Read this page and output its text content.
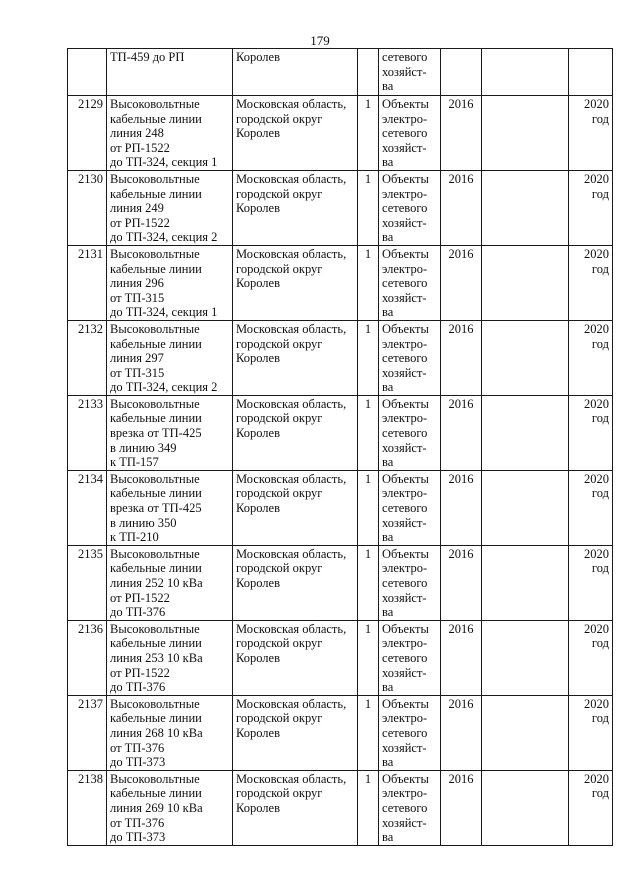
179

	ТП-459 до РП	Королев		сетевого
хозяйст-
ва			

2129	Высоковольтные
кабельные линии
линия 248
от РП-1522
до ТП-324, секция 1	Московская область,
городской округ
Королев	1	Объекты
электро-
сетевого
хозяйст-
ва	2016		2020
год

2130	Высоковольтные
кабельные линии
линия 249
от РП-1522
до ТП-324, секция 2	Московская область,
городской округ
Королев	1	Объекты
электро-
сетевого
хозяйст-
ва	2016		2020
год

2131	Высоковольтные
кабельные линии
линия 296
от ТП-315
до ТП-324, секция 1	Московская область,
городской округ
Королев	1	Объекты
электро-
сетевого
хозяйст-
ва	2016		2020
год

2132	Высоковольтные
кабельные линии
линия 297
от ТП-315
до ТП-324, секция 2	Московская область,
городской округ
Королев	1	Объекты
электро-
сетевого
хозяйст-
ва	2016		2020
год

2133	Высоковольтные
кабельные линии
врезка от ТП-425
в линию 349
к ТП-157	Московская область,
городской округ
Королев	1	Объекты
электро-
сетевого
хозяйст-
ва	2016		2020
год

2134	Высоковольтные
кабельные линии
врезка от ТП-425
в линию 350
к ТП-210	Московская область,
городской округ
Королев	1	Объекты
электро-
сетевого
хозяйст-
ва	2016		2020
год

2135	Высоковольтные
кабельные линии
линия 252 10 кВа
от РП-1522
до ТП-376	Московская область,
городской округ
Королев	1	Объекты
электро-
сетевого
хозяйст-
ва	2016		2020
год

2136	Высоковольтные
кабельные линии
линия 253 10 кВа
от РП-1522
до ТП-376	Московская область,
городской округ
Королев	1	Объекты
электро-
сетевого
хозяйст-
ва	2016		2020
год

2137	Высоковольтные
кабельные линии
линия 268 10 кВа
от ТП-376
до ТП-373	Московская область,
городской округ
Королев	1	Объекты
электро-
сетевого
хозяйст-
ва	2016		2020
год

2138	Высоковольтные
кабельные линии
линия 269 10 кВа
от ТП-376
до ТП-373	Московская область,
городской округ
Королев	1	Объекты
электро-
сетевого
хозяйст-
ва	2016		2020
год
